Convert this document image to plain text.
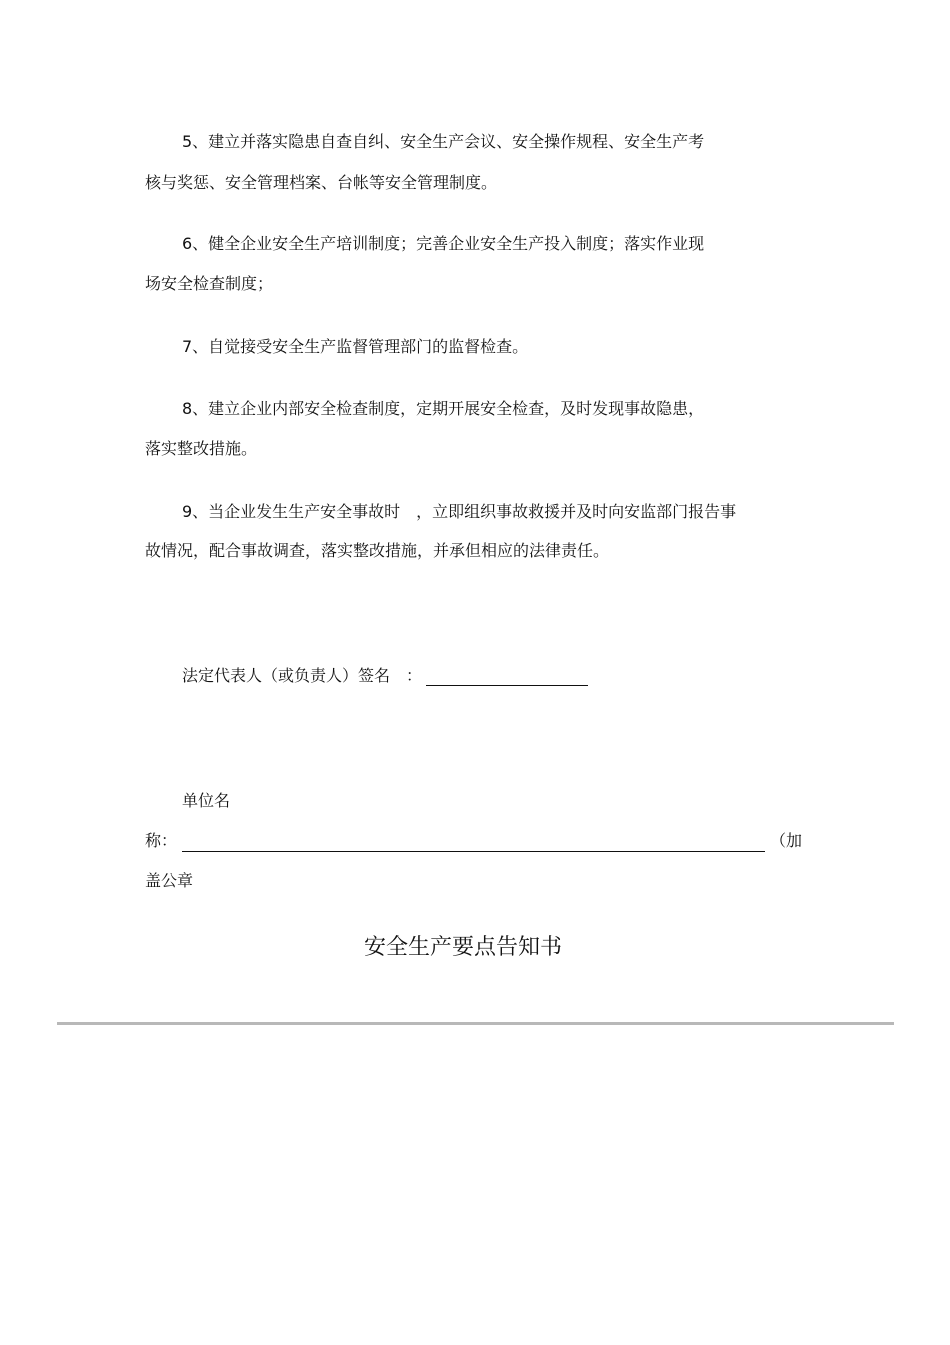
5、建立并落实隐患自查自纠、安全生产会议、安全操作规程、安全生产考
核与奖惩、安全管理档案、台帐等安全管理制度。
6、健全企业安全生产培训制度；完善企业安全生产投入制度；落实作业现
场安全检查制度；
7、自觉接受安全生产监督管理部门的监督检查。
8、建立企业内部安全检查制度，定期开展安全检查，及时发现事故隐患，
落实整改措施。
9、当企业发生生产安全事故时　，立即组织事故救援并及时向安监部门报告事
故情况，配合事故调查，落实整改措施，并承但相应的法律责任。
法定代表人（或负责人）签名　：
单位名
称：	（加
盖公章
安全生产要点告知书
